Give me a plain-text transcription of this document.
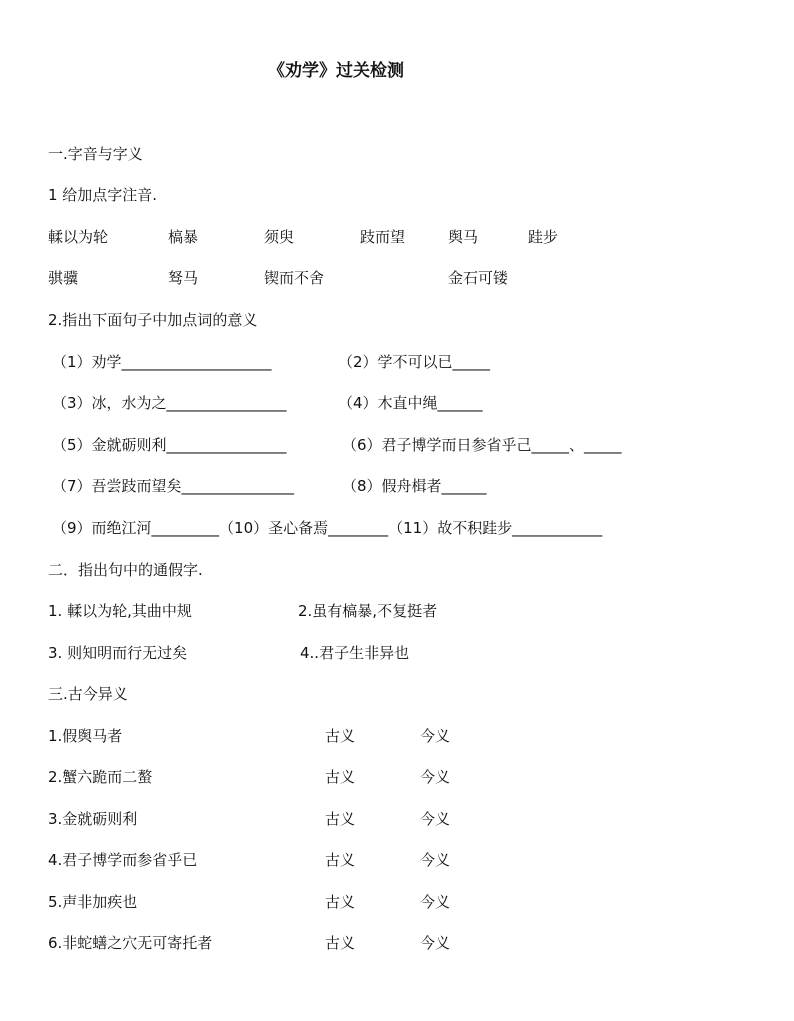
《劝学》过关检测
一.字音与字义
1 给加点字注音.
輮以为轮	槁暴	须臾	跂而望	舆马	跬步
骐骥	驽马	锲而不舍	金石可镂
2.指出下面句子中加点词的意义
（1）劝学____________________	（2）学不可以已_____
（3）冰，水为之________________	（4）木直中绳______
（5）金就砺则利________________	（6）君子博学而日参省乎己_____、_____
（7）吾尝跂而望矣_______________	（8）假舟楫者______
（9）而绝江河_________（10）圣心备焉________（11）故不积跬步____________
二．指出句中的通假字.
1. 輮以为轮,其曲中规	2.虽有槁暴,不复挺者
3. 则知明而行无过矣	4..君子生非异也
三.古今异义
1.假舆马者	古义	今义
2.蟹六跪而二螯	古义	今义
3.金就砺则利	古义	今义
4.君子博学而参省乎已	古义	今义
5.声非加疾也	古义	今义
6.非蛇蟮之穴无可寄托者	古义	今义
